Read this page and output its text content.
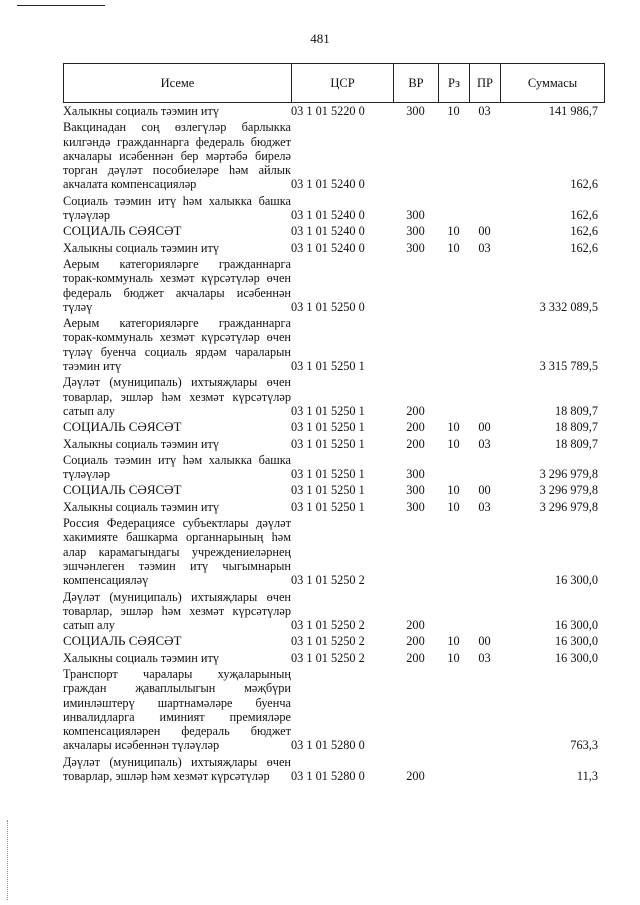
481
Исеме	ЦСР	ВР	Рз	ПР	Суммасы
Халыкны социаль тәэмин итү	03 1 01 5220 0	300	10	03	141 986,7
Вакцинадан соң өзлегүләр барлыкка килгәндә гражданнарга федераль бюджет акчалары исәбеннән бер мәртәбә бирелә торган дәүләт пособиеләре һәм айлык акчалата компенсацияләр	03 1 01 5240 0				162,6
Социаль тәэмин итү һәм халыкка башка түләүләр	03 1 01 5240 0	300			162,6
СОЦИАЛЬ СӘЯСӘТ	03 1 01 5240 0	300	10	00	162,6
Халыкны социаль тәэмин итү	03 1 01 5240 0	300	10	03	162,6
Аерым категорияләрге гражданнарга торак-коммуналь хезмәт күрсәтүләр өчен федераль бюджет акчалары исәбеннән түләү	03 1 01 5250 0				3 332 089,5
Аерым категорияләрге гражданнарга торак-коммуналь хезмәт күрсәтүләр өчен түләү буенча социаль ярдәм чараларын тәэмин итү	03 1 01 5250 1				3 315 789,5
Дәүләт (муниципаль) ихтыяҗлары өчен товарлар, эшләр һәм хезмәт күрсәтүләр сатып алу	03 1 01 5250 1	200			18 809,7
СОЦИАЛЬ СӘЯСӘТ	03 1 01 5250 1	200	10	00	18 809,7
Халыкны социаль тәэмин итү	03 1 01 5250 1	200	10	03	18 809,7
Социаль тәэмин итү һәм халыкка башка түләүләр	03 1 01 5250 1	300			3 296 979,8
СОЦИАЛЬ СӘЯСӘТ	03 1 01 5250 1	300	10	00	3 296 979,8
Халыкны социаль тәэмин итү	03 1 01 5250 1	300	10	03	3 296 979,8
Россия Федерациясе субъектлары дәүләт хакимияте башкарма органнарының һәм алар карамагындагы учреждениеләрнең эшчәнлеген тәэмин итү чыгымнарын компенсацияләү	03 1 01 5250 2				16 300,0
Дәүләт (муниципаль) ихтыяҗлары өчен товарлар, эшләр һәм хезмәт күрсәтүләр сатып алу	03 1 01 5250 2	200			16 300,0
СОЦИАЛЬ СӘЯСӘТ	03 1 01 5250 2	200	10	00	16 300,0
Халыкны социаль тәэмин итү	03 1 01 5250 2	200	10	03	16 300,0
Транспорт чаралары хуҗаларының граждан җаваплылыгын мәҗбүри иминләштерү шартнамәләре буенча инвалидларга иминият премияләре компенсацияләрен федераль бюджет акчалары исәбеннән түләүләр	03 1 01 5280 0				763,3
Дәүләт (муниципаль) ихтыяҗлары өчен товарлар, эшләр һәм хезмәт күрсәтүләр	03 1 01 5280 0	200			11,3
